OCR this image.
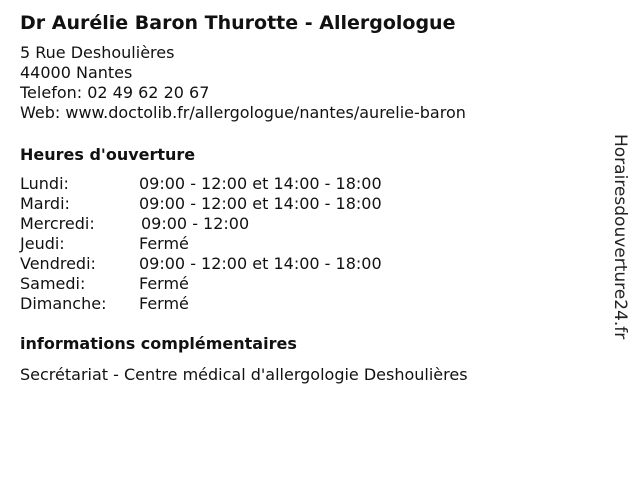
Dr Aurélie Baron Thurotte - Allergologue
5 Rue Deshoulières
44000 Nantes
Telefon: 02 49 62 20 67
Web: www.doctolib.fr/allergologue/nantes/aurelie-baron
Heures d'ouverture
Lundi:	09:00 - 12:00 et 14:00 - 18:00
Mardi:	09:00 - 12:00 et 14:00 - 18:00
Mercredi:	09:00 - 12:00
Jeudi:	Fermé
Vendredi:	09:00 - 12:00 et 14:00 - 18:00
Samedi:	Fermé
Dimanche: Fermé
informations complémentaires
Secrétariat - Centre médical d'allergologie Deshoulières
Horairesdouverture24.fr
